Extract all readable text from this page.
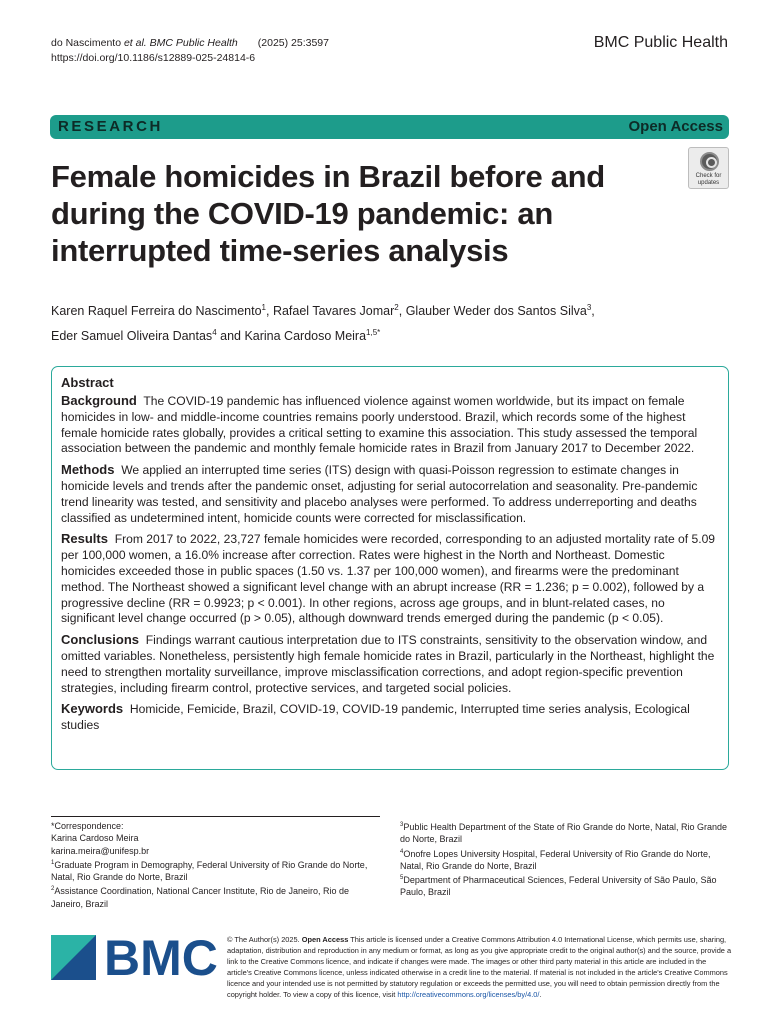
do Nascimento et al. BMC Public Health (2025) 25:3597
https://doi.org/10.1186/s12889-025-24814-6
BMC Public Health
RESEARCH	Open Access
Female homicides in Brazil before and during the COVID-19 pandemic: an interrupted time-series analysis
Check for
updates
Karen Raquel Ferreira do Nascimento$^1$, Rafael Tavares Jomar$^2$, Glauber Weder dos Santos Silva$^3$,
Eder Samuel Oliveira Dantas$^4$ and Karina Cardoso Meira$^{1,5*}$
Abstract

Background The COVID-19 pandemic has influenced violence against women worldwide, but its impact on female homicides in low- and middle-income countries remains poorly understood. Brazil, which records some of the highest female homicide rates globally, provides a critical setting to examine this association. This study assessed the temporal association between the pandemic and monthly female homicide rates in Brazil from January 2017 to December 2022.

Methods We applied an interrupted time series (ITS) design with quasi-Poisson regression to estimate changes in homicide levels and trends after the pandemic onset, adjusting for serial autocorrelation and seasonality. Pre-pandemic trend linearity was tested, and sensitivity and placebo analyses were performed. To address underreporting and deaths classified as undetermined intent, homicide counts were corrected for misclassification.

Results From 2017 to 2022, 23,727 female homicides were recorded, corresponding to an adjusted mortality rate of 5.09 per 100,000 women, a 16.0% increase after correction. Rates were highest in the North and Northeast. Domestic homicides exceeded those in public spaces (1.50 vs. 1.37 per 100,000 women), and firearms were the predominant method. The Northeast showed a significant level change with an abrupt increase (RR = 1.236; p = 0.002), followed by a progressive decline (RR = 0.9923; p < 0.001). In other regions, across age groups, and in blunt-related cases, no significant level change occurred (p > 0.05), although downward trends emerged during the pandemic (p < 0.05).

Conclusions Findings warrant cautious interpretation due to ITS constraints, sensitivity to the observation window, and omitted variables. Nonetheless, persistently high female homicide rates in Brazil, particularly in the Northeast, highlight the need to strengthen mortality surveillance, improve misclassification corrections, and adopt region-specific prevention strategies, including firearm control, protective services, and targeted social policies.

Keywords Homicide, Femicide, Brazil, COVID-19, COVID-19 pandemic, Interrupted time series analysis, Ecological studies

*Correspondence:

Karina Cardoso Meira

karina.meira@unifesp.br

$^1$Graduate Program in Demography, Federal University of Rio Grande do Norte, Natal, Rio Grande do Norte, Brazil

$^2$Assistance Coordination, National Cancer Institute, Rio de Janeiro, Rio de Janeiro, Brazil

$^3$Public Health Department of the State of Rio Grande do Norte, Natal, Rio Grande do Norte, Brazil

$^4$Onofre Lopes University Hospital, Federal University of Rio Grande do Norte, Natal, Rio Grande do Norte, Brazil

$^5$Department of Pharmaceutical Sciences, Federal University of São Paulo, São Paulo, Brazil

BMC © The Author(s) 2025. Open Access This article is licensed under a Creative Commons Attribution 4.0 International License, which permits use, sharing, adaptation, distribution and reproduction in any medium or format, as long as you give appropriate credit to the original author(s) and the source, provide a link to the Creative Commons licence, and indicate if changes were made. The images or other third party material in this article are included in the article's Creative Commons licence, unless indicated otherwise in a credit line to the material. If material is not included in the article's Creative Commons licence and your intended use is not permitted by statutory regulation or exceeds the permitted use, you will need to obtain permission directly from the copyright holder. To view a copy of this licence, visit http://creativecommons.org/licenses/by/4.0/.
